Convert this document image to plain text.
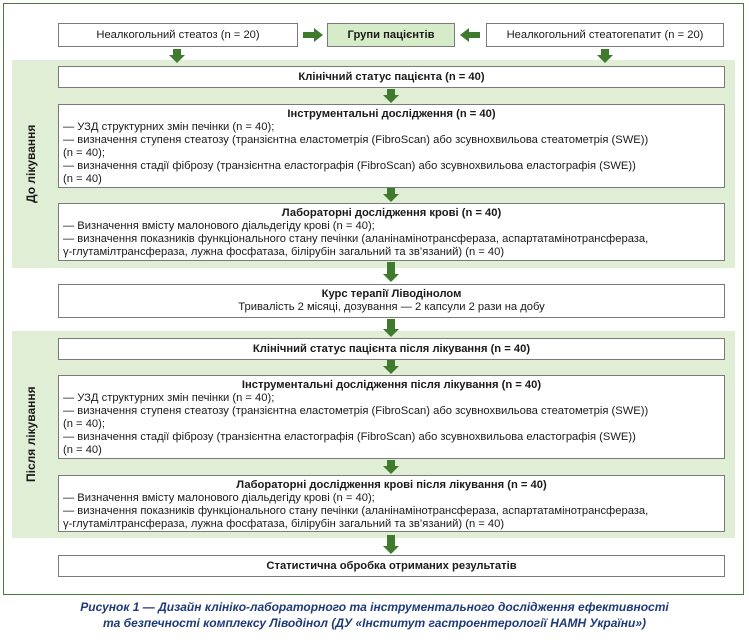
Неалкогольний стеатоз (n = 20)	Групи пацієнтів	Неалкогольний стеатогепатит (n = 20)
До лікування
Клінічний статус пацієнта (n = 40)
Інструментальні дослідження (n = 40)
— УЗД структурних змін печінки (n = 40);
— визначення ступеня стеатозу (транзієнтна еластометрія (FibroScan) або зсувнохвильова стеатометрія (SWE))
(n = 40);
— визначення стадії фіброзу (транзієнтна еластографія (FibroScan) або зсувнохвильова еластографія (SWE))
(n = 40)
Лабораторні дослідження крові (n = 40)
— Визначення вмісту малонового діальдегіду крові (n = 40);
— визначення показників функціонального стану печінки (аланінамінотрансфераза, аспартатамінотрансфераза,
γ-глутамілтрансфераза, лужна фосфатаза, білірубін загальний та зв’язаний) (n = 40)
Курс терапії Ліводінолом
Тривалість 2 місяці, дозування — 2 капсули 2 рази на добу
Після лікування
Клінічний статус пацієнта після лікування (n = 40)
Інструментальні дослідження після лікування (n = 40)
— УЗД структурних змін печінки (n = 40);
— визначення ступеня стеатозу (транзієнтна еластометрія (FibroScan) або зсувнохвильова стеатометрія (SWE))
(n = 40);
— визначення стадії фіброзу (транзієнтна еластографія (FibroScan) або зсувнохвильова еластографія (SWE))
(n = 40)
Лабораторні дослідження крові після лікування (n = 40)
— Визначення вмісту малонового діальдегіду крові (n = 40);
— визначення показників функціонального стану печінки (аланінамінотрансфераза, аспартатамінотрансфераза,
γ-глутамілтрансфераза, лужна фосфатаза, білірубін загальний та зв’язаний) (n = 40)
Статистична обробка отриманих результатів
Рисунок 1 — Дизайн клініко-лабораторного та інструментального дослідження ефективності
та безпечності комплексу Ліводінол (ДУ «Інститут гастроентерології НАМН України»)
